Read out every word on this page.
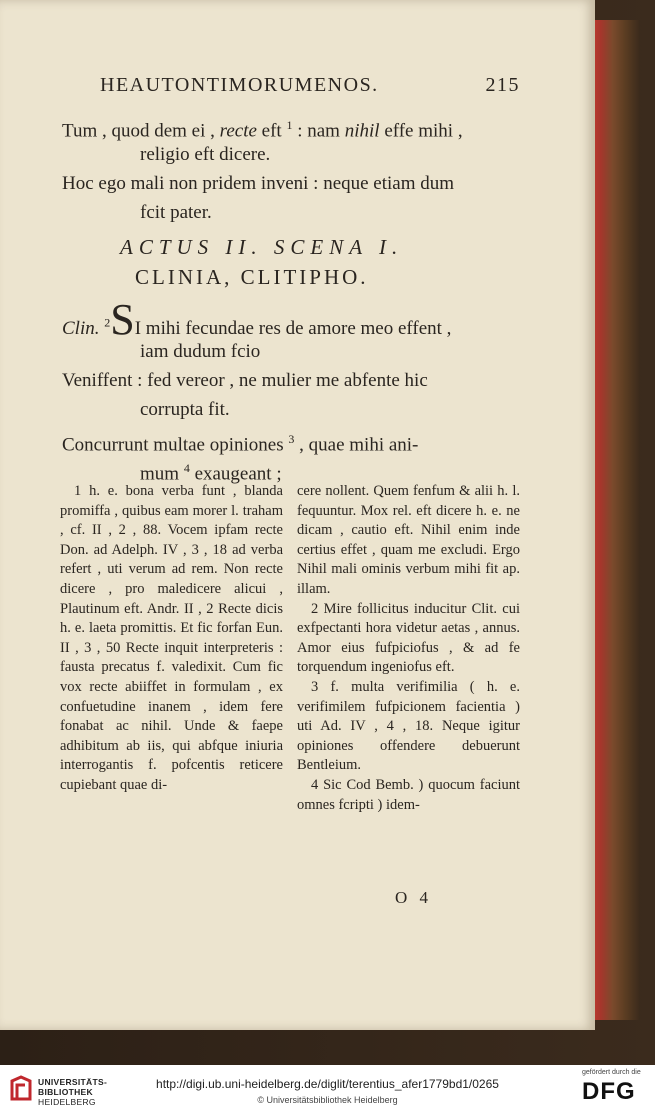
HEAUTONTIMORUMENOS.	215
Tum , quod dem ei , recte eft $^1$ : nam nihil effe mihi ,
religio eft dicere.
Hoc ego mali non pridem inveni : neque etiam dum
fcit pater.
ACTUS II. SCENA I.
CLINIA, CLITIPHO.
Clin. $^2$SI mihi fecundae res de amore meo effent ,
iam dudum fcio
Veniffent : fed vereor , ne mulier me abfente hic
corrupta fit.
Concurrunt multae opiniones $^3$ , quae mihi ani-
mum $^4$ exaugeant ;

1 h. e. bona verba funt , blanda promiffa , quibus eam morer l. traham , cf. II , 2 , 88. Vocem ipfam recte Don. ad Adelph. IV , 3 , 18 ad verba refert , uti verum ad rem. Non recte dicere , pro maledicere alicui , Plautinum eft. Andr. II , 2 Recte dicis h. e. laeta promittis. Et fic forfan Eun. II , 3 , 50 Recte inquit interpreteris : fausta precatus f. valedixit. Cum fic vox recte abiiffet in formulam , ex confuetudine inanem , idem fere fonabat ac nihil. Unde & faepe adhibitum ab iis, qui abfque iniuria interrogantis f. pofcentis reticere cupiebant quae di-

cere nollent. Quem fenfum & alii h. l. fequuntur. Mox rel. eft dicere h. e. ne dicam , cautio eft. Nihil enim inde certius effet , quam me excludi. Ergo Nihil mali ominis verbum mihi fit ap. illam.

2 Mire follicitus inducitur Clit. cui exfpectanti hora videtur aetas , annus. Amor eius fufpiciofus , & ad fe torquendum ingeniofus eft.

3 f. multa verifimilia ( h. e. verifimilem fufpicionem facientia ) uti Ad. IV , 4 , 18. Neque igitur opiniones offendere debuerunt Bentleium.

4 Sic Cod Bemb. ) quocum faciunt omnes fcripti ) idem-

O 4
UNIVERSITÄTS-
BIBLIOTHEK
HEIDELBERG
http://digi.ub.uni-heidelberg.de/diglit/terentius_afer1779bd1/0265
© Universitätsbibliothek Heidelberg
gefördert durch die
DFG
